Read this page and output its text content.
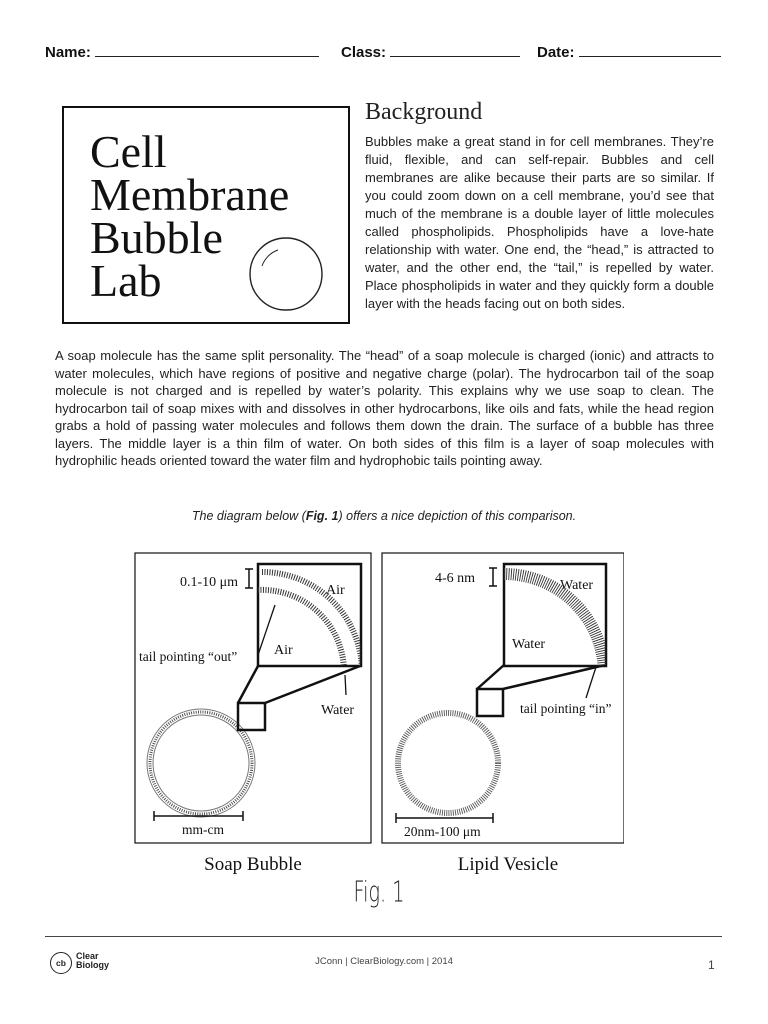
Name:	Class:	Date:
Cell
Membrane
Bubble
Lab
Background
Bubbles make a great stand in for cell membranes. They’re fluid, flexible, and can self-repair. Bubbles and cell membranes are alike because their parts are so similar. If you could zoom down on a cell membrane, you’d see that much of the membrane is a double layer of little molecules called phospholipids. Phospholipids have a love-hate relationship with water. One end, the “head,” is attracted to water, and the other end, the “tail,” is repelled by water. Place phospholipids in water and they quickly form a double layer with the heads facing out on both sides.
A soap molecule has the same split personality. The “head” of a soap molecule is charged (ionic) and attracts to water molecules, which have regions of positive and negative charge (polar). The hydrocarbon tail of the soap molecule is not charged and is repelled by water’s polarity. This explains why we use soap to clean. The hydrocarbon tail of soap mixes with and dissolves in other hydrocarbons, like oils and fats, while the head region grabs a hold of passing water molecules and follows them down the drain. The surface of a bubble has three layers. The middle layer is a thin film of water. On both sides of this film is a layer of soap molecules with hydrophilic heads oriented toward the water film and hydrophobic tails pointing away.
The diagram below (Fig. 1) offers a nice depiction of this comparison.
0.1-10 μm
Air
Air
tail pointing “out”
Water
mm-cm
Soap Bubble
4-6 nm	Water
Water
tail pointing “in”
20nm-100 μm
Lipid Vesicle
Fig. 1
cb
Clear
Biology	JConn | ClearBiology.com | 2014	1
